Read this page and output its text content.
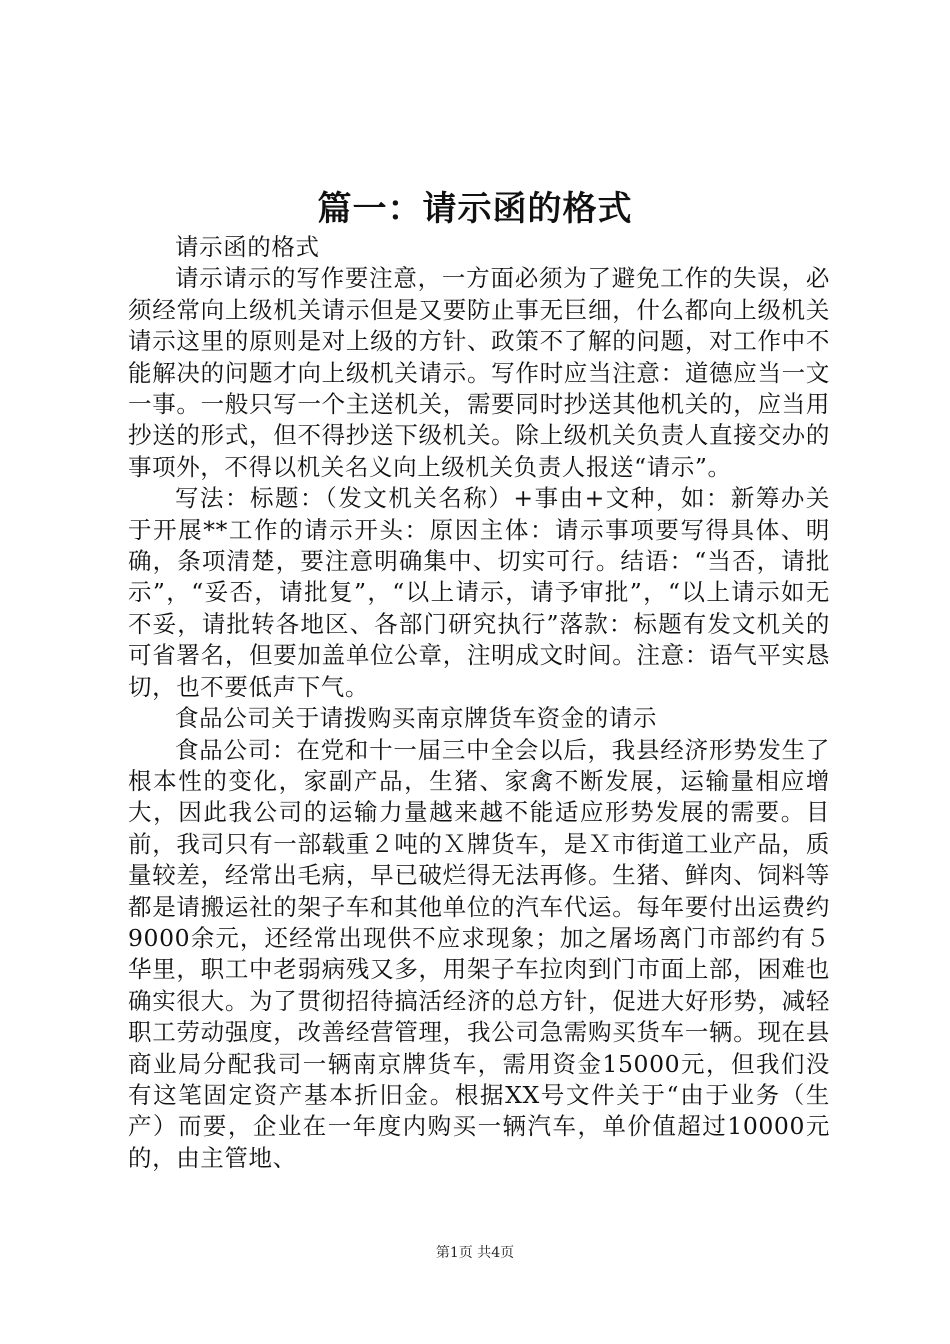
篇一：请示函的格式

请示函的格式

请示请示的写作要注意，一方面必须为了避免工作的失误，必须经常向上级机关请示但是又要防止事无巨细，什么都向上级机关请示这里的原则是对上级的方针、政策不了解的问题，对工作中不能解决的问题才向上级机关请示。写作时应当注意：道德应当一文一事。一般只写一个主送机关，需要同时抄送其他机关的，应当用抄送的形式，但不得抄送下级机关。除上级机关负责人直接交办的事项外，不得以机关名义向上级机关负责人报送“请示”。

写法：标题：（发文机关名称）+事由+文种，如：新筹办关于开展**工作的请示开头：原因主体：请示事项要写得具体、明确，条项清楚，要注意明确集中、切实可行。结语：“当否，请批示”，“妥否，请批复”，“以上请示，请予审批”，“以上请示如无不妥，请批转各地区、各部门研究执行”落款：标题有发文机关的可省署名，但要加盖单位公章，注明成文时间。注意：语气平实恳切，也不要低声下气。

食品公司关于请拨购买南京牌货车资金的请示

食品公司：在党和十一届三中全会以后，我县经济形势发生了根本性的变化，家副产品，生猪、家禽不断发展，运输量相应增大，因此我公司的运输力量越来越不能适应形势发展的需要。目前，我司只有一部载重２吨的Ｘ牌货车，是Ｘ市街道工业产品，质量较差，经常出毛病，早已破烂得无法再修。生猪、鲜肉、饲料等都是请搬运社的架子车和其他单位的汽车代运。每年要付出运费约9000余元，还经常出现供不应求现象；加之屠场离门市部约有５华里，职工中老弱病残又多，用架子车拉肉到门市面上部，困难也确实很大。为了贯彻招待搞活经济的总方针，促进大好形势，减轻职工劳动强度，改善经营管理，我公司急需购买货车一辆。现在县商业局分配我司一辆南京牌货车，需用资金15000元，但我们没有这笔固定资产基本折旧金。根据XX号文件关于“由于业务（生产）而要，企业在一年度内购买一辆汽车，单价值超过10000元的，由主管地、

第1页 共4页
